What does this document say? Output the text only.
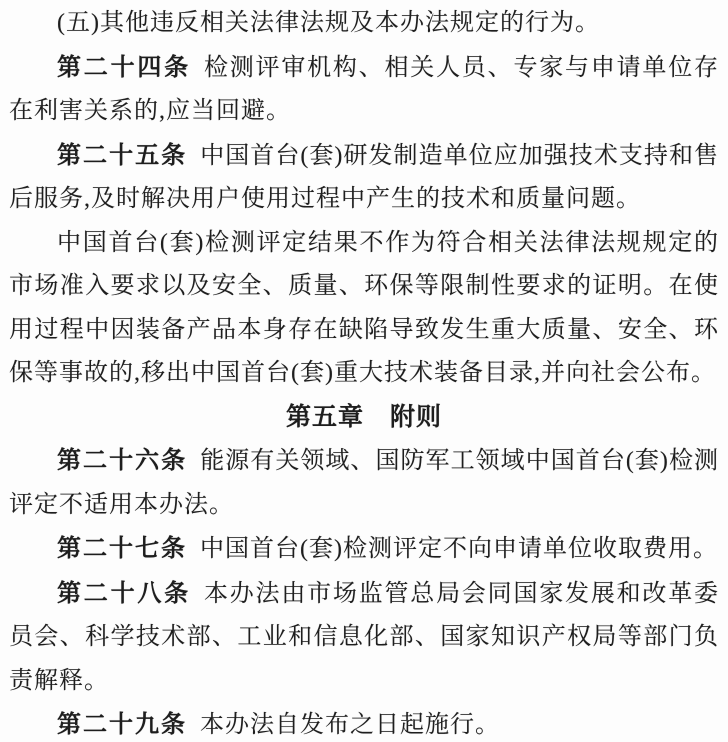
(五)其他违反相关法律法规及本办法规定的行为。

第二十四条 检测评审机构、相关人员、专家与申请单位存在利害关系的,应当回避。

第二十五条 中国首台(套)研发制造单位应加强技术支持和售后服务,及时解决用户使用过程中产生的技术和质量问题。

中国首台(套)检测评定结果不作为符合相关法律法规规定的市场准入要求以及安全、质量、环保等限制性要求的证明。在使用过程中因装备产品本身存在缺陷导致发生重大质量、安全、环保等事故的,移出中国首台(套)重大技术装备目录,并向社会公布。

第五章　附则

第二十六条 能源有关领域、国防军工领域中国首台(套)检测评定不适用本办法。

第二十七条 中国首台(套)检测评定不向申请单位收取费用。

第二十八条 本办法由市场监管总局会同国家发展和改革委员会、科学技术部、工业和信息化部、国家知识产权局等部门负责解释。

第二十九条 本办法自发布之日起施行。
